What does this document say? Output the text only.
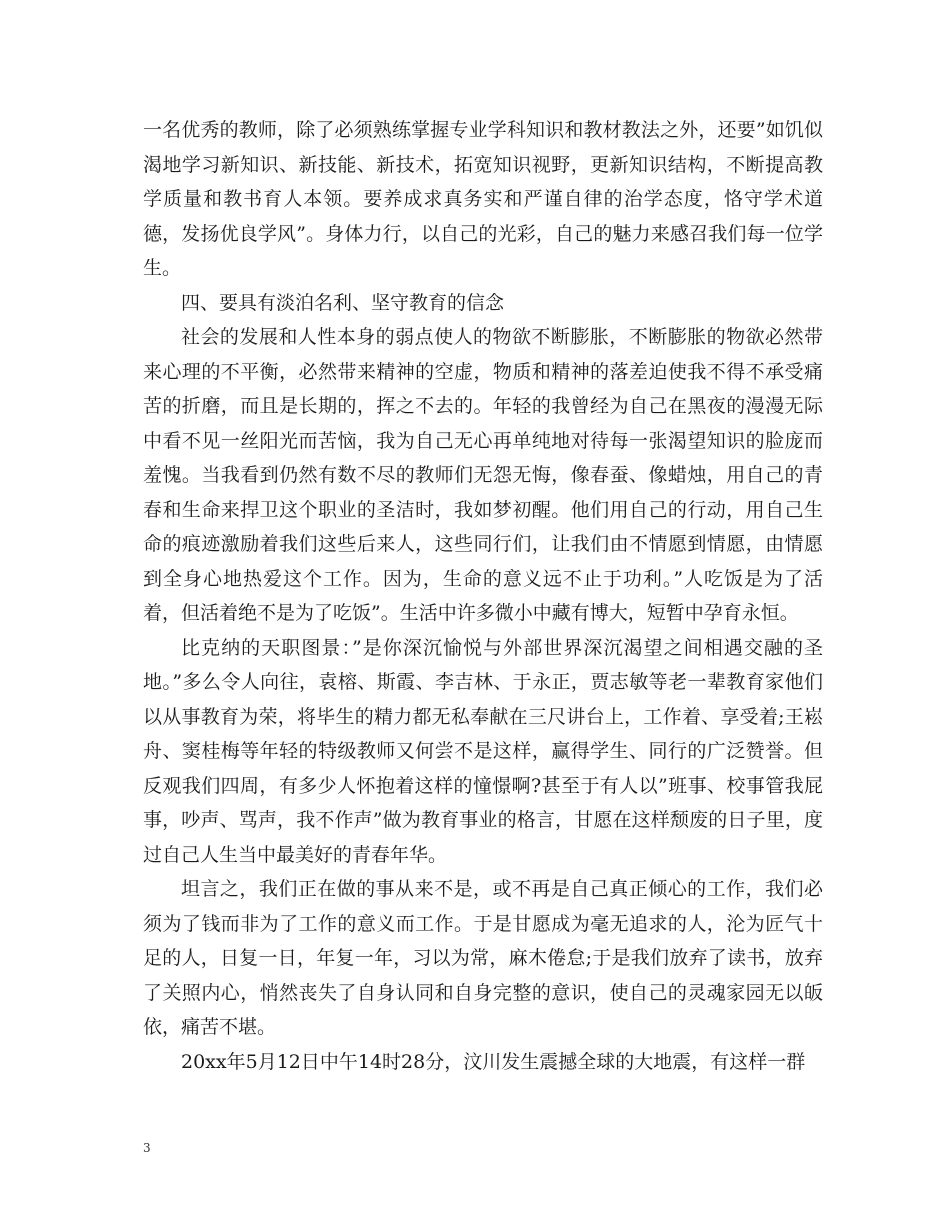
一名优秀的教师，除了必须熟练掌握专业学科知识和教材教法之外，还要”如饥似渴地学习新知识、新技能、新技术，拓宽知识视野，更新知识结构，不断提高教学质量和教书育人本领。要养成求真务实和严谨自律的治学态度，恪守学术道德，发扬优良学风”。身体力行，以自己的光彩，自己的魅力来感召我们每一位学生。

四、要具有淡泊名利、坚守教育的信念

社会的发展和人性本身的弱点使人的物欲不断膨胀，不断膨胀的物欲必然带来心理的不平衡，必然带来精神的空虚，物质和精神的落差迫使我不得不承受痛苦的折磨，而且是长期的，挥之不去的。年轻的我曾经为自己在黑夜的漫漫无际中看不见一丝阳光而苦恼，我为自己无心再单纯地对待每一张渴望知识的脸庞而羞愧。当我看到仍然有数不尽的教师们无怨无悔，像春蚕、像蜡烛，用自己的青春和生命来捍卫这个职业的圣洁时，我如梦初醒。他们用自己的行动，用自己生命的痕迹激励着我们这些后来人，这些同行们，让我们由不情愿到情愿，由情愿到全身心地热爱这个工作。因为，生命的意义远不止于功利。”人吃饭是为了活着，但活着绝不是为了吃饭”。生活中许多微小中藏有博大，短暂中孕育永恒。

比克纳的天职图景：”是你深沉愉悦与外部世界深沉渴望之间相遇交融的圣地。”多么令人向往，袁榕、斯霞、李吉林、于永正，贾志敏等老一辈教育家他们以从事教育为荣，将毕生的精力都无私奉献在三尺讲台上，工作着、享受着;王崧舟、窦桂梅等年轻的特级教师又何尝不是这样，赢得学生、同行的广泛赞誉。但反观我们四周，有多少人怀抱着这样的憧憬啊?甚至于有人以”班事、校事管我屁事，吵声、骂声，我不作声”做为教育事业的格言，甘愿在这样颓废的日子里，度过自己人生当中最美好的青春年华。

坦言之，我们正在做的事从来不是，或不再是自己真正倾心的工作，我们必须为了钱而非为了工作的意义而工作。于是甘愿成为毫无追求的人，沦为匠气十足的人，日复一日，年复一年，习以为常，麻木倦怠;于是我们放弃了读书，放弃了关照内心，悄然丧失了自身认同和自身完整的意识，使自己的灵魂家园无以皈依，痛苦不堪。

20xx年5月12日中午14时28分，汶川发生震撼全球的大地震，有这样一群

3
